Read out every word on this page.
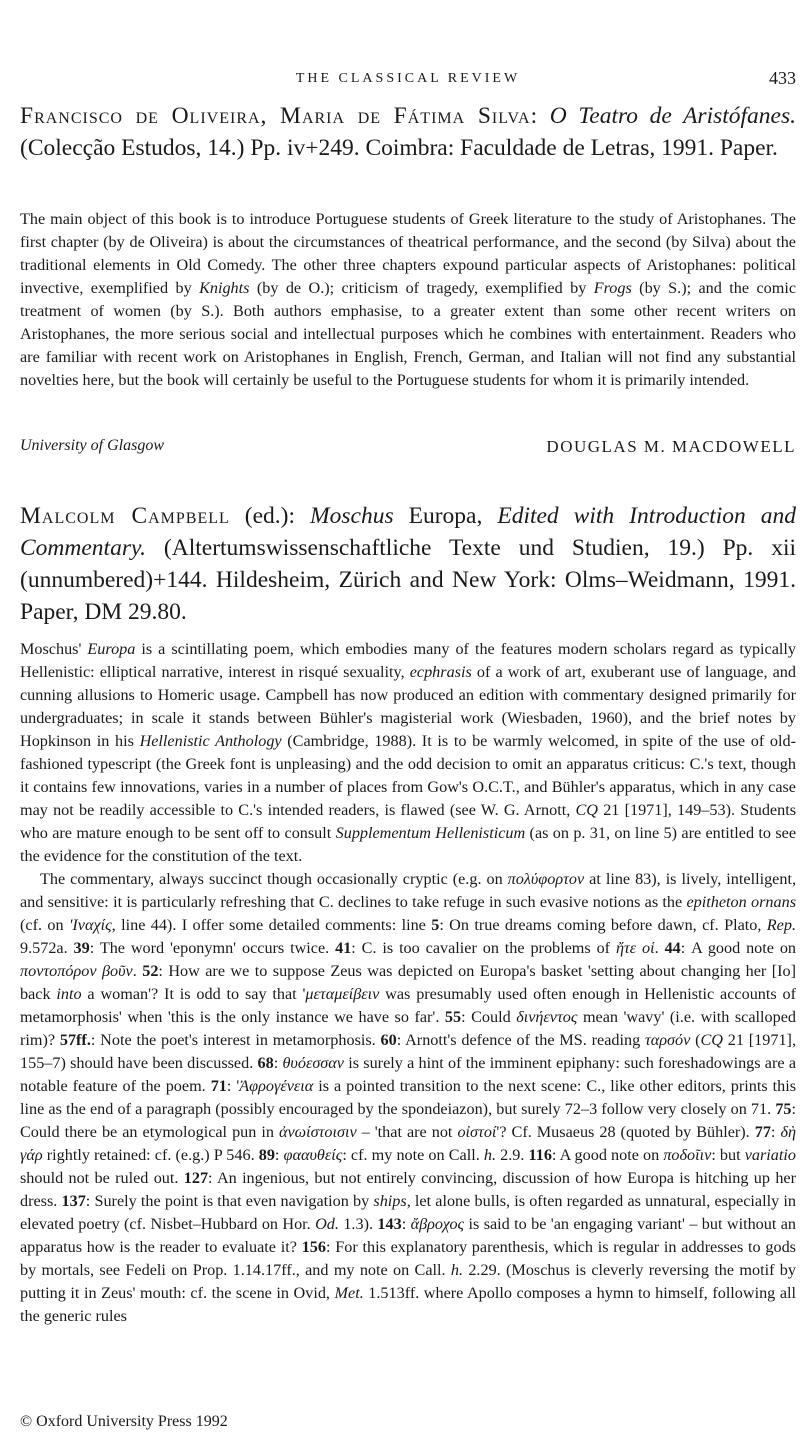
THE CLASSICAL REVIEW	433
Francisco de Oliveira, Maria de Fátima Silva: O Teatro de Aristófanes. (Colecção Estudos, 14.) Pp. iv+249. Coimbra: Faculdade de Letras, 1991. Paper.

The main object of this book is to introduce Portuguese students of Greek literature to the study of Aristophanes. The first chapter (by de Oliveira) is about the circumstances of theatrical performance, and the second (by Silva) about the traditional elements in Old Comedy. The other three chapters expound particular aspects of Aristophanes: political invective, exemplified by Knights (by de O.); criticism of tragedy, exemplified by Frogs (by S.); and the comic treatment of women (by S.). Both authors emphasise, to a greater extent than some other recent writers on Aristophanes, the more serious social and intellectual purposes which he combines with entertainment. Readers who are familiar with recent work on Aristophanes in English, French, German, and Italian will not find any substantial novelties here, but the book will certainly be useful to the Portuguese students for whom it is primarily intended.

University of Glasgow	DOUGLAS M. MACDOWELL
Malcolm Campbell (ed.): Moschus Europa, Edited with Introduction and Commentary. (Altertumswissenschaftliche Texte und Studien, 19.) Pp. xii (unnumbered)+144. Hildesheim, Zürich and New York: Olms–Weidmann, 1991. Paper, DM 29.80.

Moschus' Europa is a scintillating poem, which embodies many of the features modern scholars regard as typically Hellenistic: elliptical narrative, interest in risqué sexuality, ecphrasis of a work of art, exuberant use of language, and cunning allusions to Homeric usage. Campbell has now produced an edition with commentary designed primarily for undergraduates; in scale it stands between Bühler's magisterial work (Wiesbaden, 1960), and the brief notes by Hopkinson in his Hellenistic Anthology (Cambridge, 1988). It is to be warmly welcomed, in spite of the use of old-fashioned typescript (the Greek font is unpleasing) and the odd decision to omit an apparatus criticus: C.'s text, though it contains few innovations, varies in a number of places from Gow's O.C.T., and Bühler's apparatus, which in any case may not be readily accessible to C.'s intended readers, is flawed (see W. G. Arnott, CQ 21 [1971], 149–53). Students who are mature enough to be sent off to consult Supplementum Hellenisticum (as on p. 31, on line 5) are entitled to see the evidence for the constitution of the text.

The commentary, always succinct though occasionally cryptic (e.g. on πολύφορτον at line 83), is lively, intelligent, and sensitive: it is particularly refreshing that C. declines to take refuge in such evasive notions as the epitheton ornans (cf. on 'Ιναχίς, line 44). I offer some detailed comments: line 5: On true dreams coming before dawn, cf. Plato, Rep. 9.572a. 39: The word 'eponymn' occurs twice. 41: C. is too cavalier on the problems of ἤτε οἱ. 44: A good note on ποντοπόρον βοῦν. 52: How are we to suppose Zeus was depicted on Europa's basket 'setting about changing her [Io] back into a woman'? It is odd to say that 'μεταμείβειν was presumably used often enough in Hellenistic accounts of metamorphosis' when 'this is the only instance we have so far'. 55: Could δινήεντος mean 'wavy' (i.e. with scalloped rim)? 57ff.: Note the poet's interest in metamorphosis. 60: Arnott's defence of the MS. reading ταρσόν (CQ 21 [1971], 155–7) should have been discussed. 68: θυόεσσαν is surely a hint of the imminent epiphany: such foreshadowings are a notable feature of the poem. 71: 'Ἀφρογένεια is a pointed transition to the next scene: C., like other editors, prints this line as the end of a paragraph (possibly encouraged by the spondeiazon), but surely 72–3 follow very closely on 71. 75: Could there be an etymological pun in ἀνωίστοισιν – 'that are not οἰστοί'? Cf. Musaeus 28 (quoted by Bühler). 77: δὴ γάρ rightly retained: cf. (e.g.) P 546. 89: φααυθείς: cf. my note on Call. h. 2.9. 116: A good note on ποδοῖιν: but variatio should not be ruled out. 127: An ingenious, but not entirely convincing, discussion of how Europa is hitching up her dress. 137: Surely the point is that even navigation by ships, let alone bulls, is often regarded as unnatural, especially in elevated poetry (cf. Nisbet–Hubbard on Hor. Od. 1.3). 143: ἄβροχος is said to be 'an engaging variant' – but without an apparatus how is the reader to evaluate it? 156: For this explanatory parenthesis, which is regular in addresses to gods by mortals, see Fedeli on Prop. 1.14.17ff., and my note on Call. h. 2.29. (Moschus is cleverly reversing the motif by putting it in Zeus' mouth: cf. the scene in Ovid, Met. 1.513ff. where Apollo composes a hymn to himself, following all the generic rules

© Oxford University Press 1992
